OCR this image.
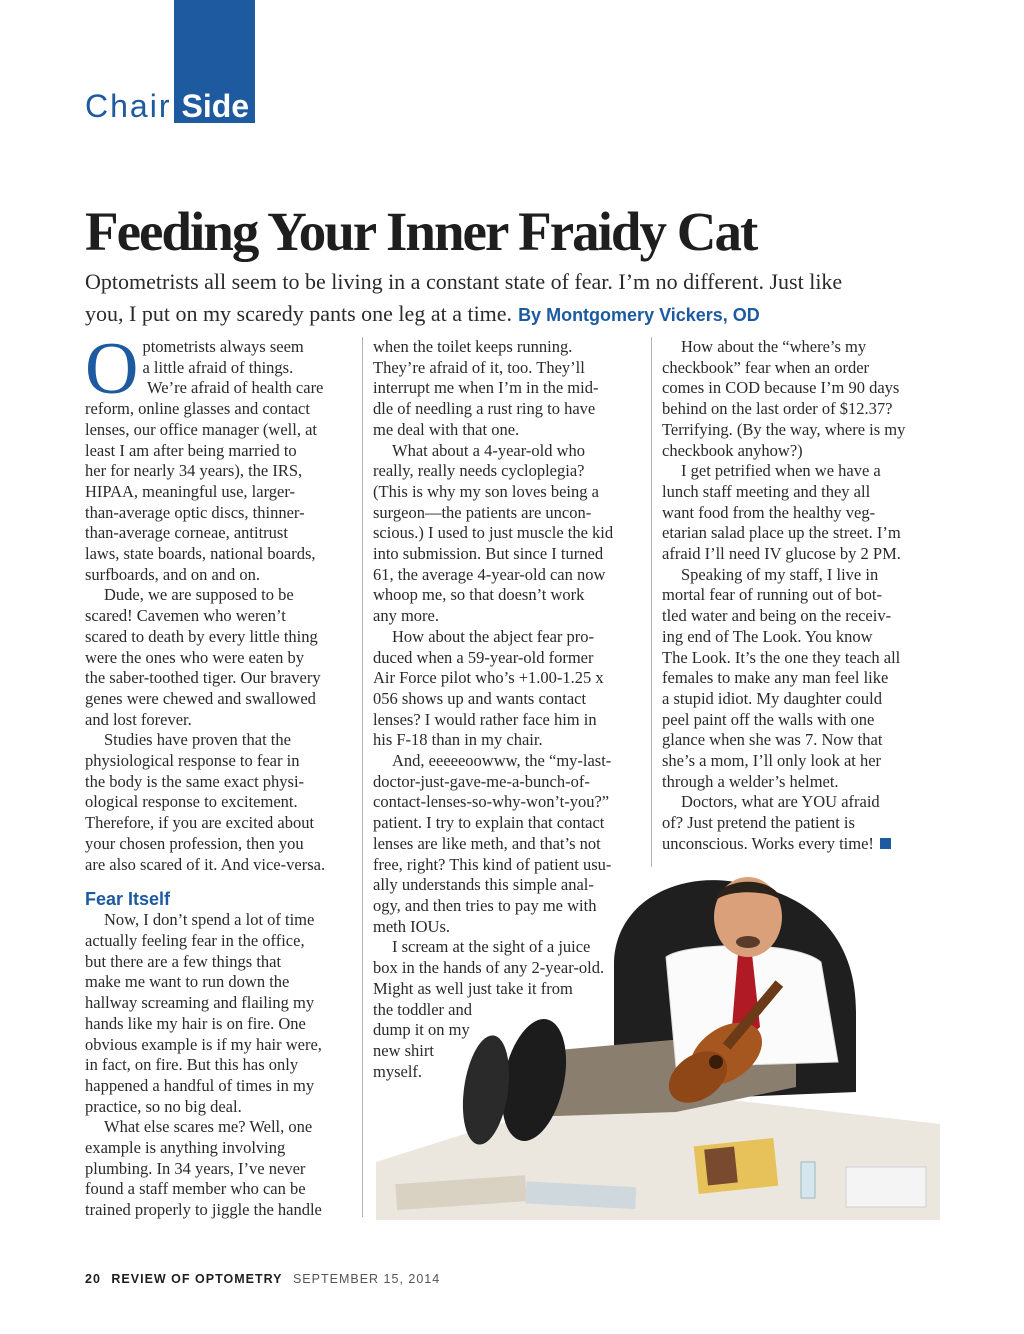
Chair Side
Feeding Your Inner Fraidy Cat

Optometrists all seem to be living in a constant state of fear. I’m no different. Just like
you, I put on my scaredy pants one leg at a time. By Montgomery Vickers, OD

O ptometrists always seem
a little afraid of things.
We’re afraid of health care
reform, online glasses and contact
lenses, our office manager (well, at
least I am after being married to
her for nearly 34 years), the IRS,
HIPAA, meaningful use, larger-
than-average optic discs, thinner-
than-average corneae, antitrust
laws, state boards, national boards,
surfboards, and on and on.
Dude, we are supposed to be
scared! Cavemen who weren’t
scared to death by every little thing
were the ones who were eaten by
the saber-toothed tiger. Our bravery
genes were chewed and swallowed
and lost forever.
Studies have proven that the
physiological response to fear in
the body is the same exact physi-
ological response to excitement.
Therefore, if you are excited about
your chosen profession, then you
are also scared of it. And vice-versa.
Fear Itself
Now, I don’t spend a lot of time
actually feeling fear in the office,
but there are a few things that
make me want to run down the
hallway screaming and flailing my
hands like my hair is on fire. One
obvious example is if my hair were,
in fact, on fire. But this has only
happened a handful of times in my
practice, so no big deal.
What else scares me? Well, one
example is anything involving
plumbing. In 34 years, I’ve never
found a staff member who can be
trained properly to jiggle the handle
when the toilet keeps running.
They’re afraid of it, too. They’ll
interrupt me when I’m in the mid-
dle of needling a rust ring to have
me deal with that one.
What about a 4-year-old who
really, really needs cycloplegia?
(This is why my son loves being a
surgeon—the patients are uncon-
scious.) I used to just muscle the kid
into submission. But since I turned
61, the average 4-year-old can now
whoop me, so that doesn’t work
any more.
How about the abject fear pro-
duced when a 59-year-old former
Air Force pilot who’s +1.00-1.25 x
056 shows up and wants contact
lenses? I would rather face him in
his F-18 than in my chair.
And, eeeeeoowww, the “my-last-
doctor-just-gave-me-a-bunch-of-
contact-lenses-so-why-won’t-you?”
patient. I try to explain that contact
lenses are like meth, and that’s not
free, right? This kind of patient usu-
ally understands this simple anal-
ogy, and then tries to pay me with
meth IOUs.
I scream at the sight of a juice
box in the hands of any 2-year-old.
Might as well just take it from
the toddler and
dump it on my
new shirt
myself.
How about the “where’s my
checkbook” fear when an order
comes in COD because I’m 90 days
behind on the last order of $12.37?
Terrifying. (By the way, where is my
checkbook anyhow?)
I get petrified when we have a
lunch staff meeting and they all
want food from the healthy veg-
etarian salad place up the street. I’m
afraid I’ll need IV glucose by 2 PM.
Speaking of my staff, I live in
mortal fear of running out of bot-
tled water and being on the receiv-
ing end of The Look. You know
The Look. It’s the one they teach all
females to make any man feel like
a stupid idiot. My daughter could
peel paint off the walls with one
glance when she was 7. Now that
she’s a mom, I’ll only look at her
through a welder’s helmet.
Doctors, what are YOU afraid
of? Just pretend the patient is
unconscious. Works every time!
20 REVIEW OF OPTOMETRY SEPTEMBER 15, 2014
